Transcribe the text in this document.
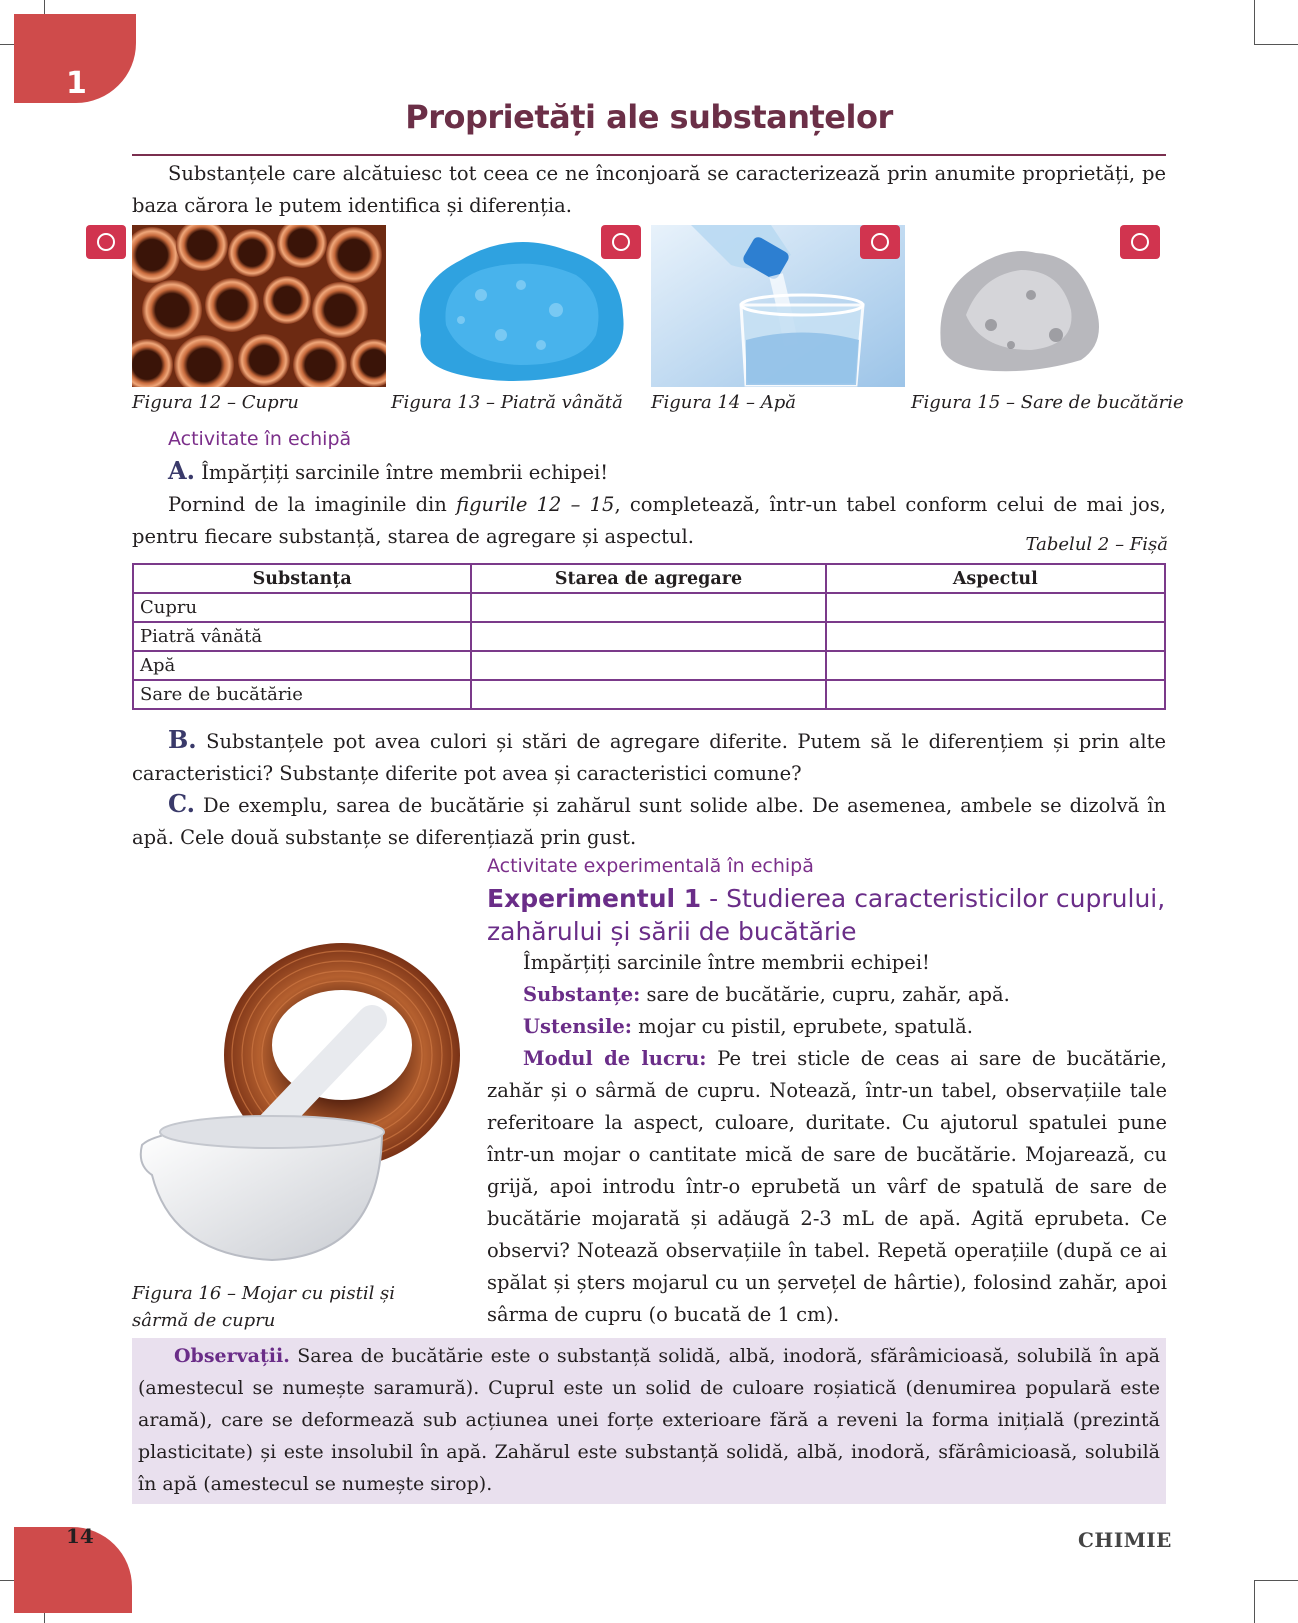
1
Proprietăți ale substanțelor
Substanțele care alcătuiesc tot ceea ce ne înconjoară se caracterizează prin anumite proprietăți, pe baza cărora le putem identifica și diferenția.
Figura 12 – Cupru	Figura 13 – Piatră vânătă Figura 14 – Apă	Figura 15 – Sare de bucătărie
Activitate în echipă
A. Împărțiți sarcinile între membrii echipei!
Pornind de la imaginile din figurile 12 – 15, completează, într-un tabel conform celui de mai jos, pentru fiecare substanță, starea de agregare și aspectul.	Tabelul 2 – Fișă
Substanța	Starea de agregare	Aspectul
Cupru		
Piatră vânătă		
Apă		
Sare de bucătărie		
B. Substanțele pot avea culori și stări de agregare diferite. Putem să le diferențiem și prin alte caracteristici? Substanțe diferite pot avea și caracteristici comune?
C. De exemplu, sarea de bucătărie și zahărul sunt solide albe. De asemenea, ambele se dizolvă în apă. Cele două substanțe se diferențiază prin gust.
Figura 16 – Mojar cu pistil și sârmă de cupru
Activitate experimentală în echipă
Experimentul 1 - Studierea caracteristicilor cuprului, zahărului și sării de bucătărie
Împărțiți sarcinile între membrii echipei!
Substanțe: sare de bucătărie, cupru, zahăr, apă.
Ustensile: mojar cu pistil, eprubete, spatulă.
Modul de lucru: Pe trei sticle de ceas ai sare de bucătărie, zahăr și o sârmă de cupru. Notează, într-un tabel, observațiile tale referitoare la aspect, culoare, duritate. Cu ajutorul spatulei pune într-un mojar o cantitate mică de sare de bucătărie. Mojarează, cu grijă, apoi introdu într-o eprubetă un vârf de spatulă de sare de bucătărie mojarată și adăugă 2-3 mL de apă. Agită eprubeta. Ce observi? Notează observațiile în tabel. Repetă operațiile (după ce ai spălat și șters mojarul cu un șervețel de hârtie), folosind zahăr, apoi sârma de cupru (o bucată de 1 cm).
Observații. Sarea de bucătărie este o substanță solidă, albă, inodoră, sfărâmicioasă, solubilă în apă (amestecul se numește saramură). Cuprul este un solid de culoare roșiatică (denumirea populară este aramă), care se deformează sub acțiunea unei forțe exterioare fără a reveni la forma inițială (prezintă plasticitate) și este insolubil în apă. Zahărul este substanță solidă, albă, inodoră, sfărâmicioasă, solubilă în apă (amestecul se numește sirop).
14	CHIMIE
